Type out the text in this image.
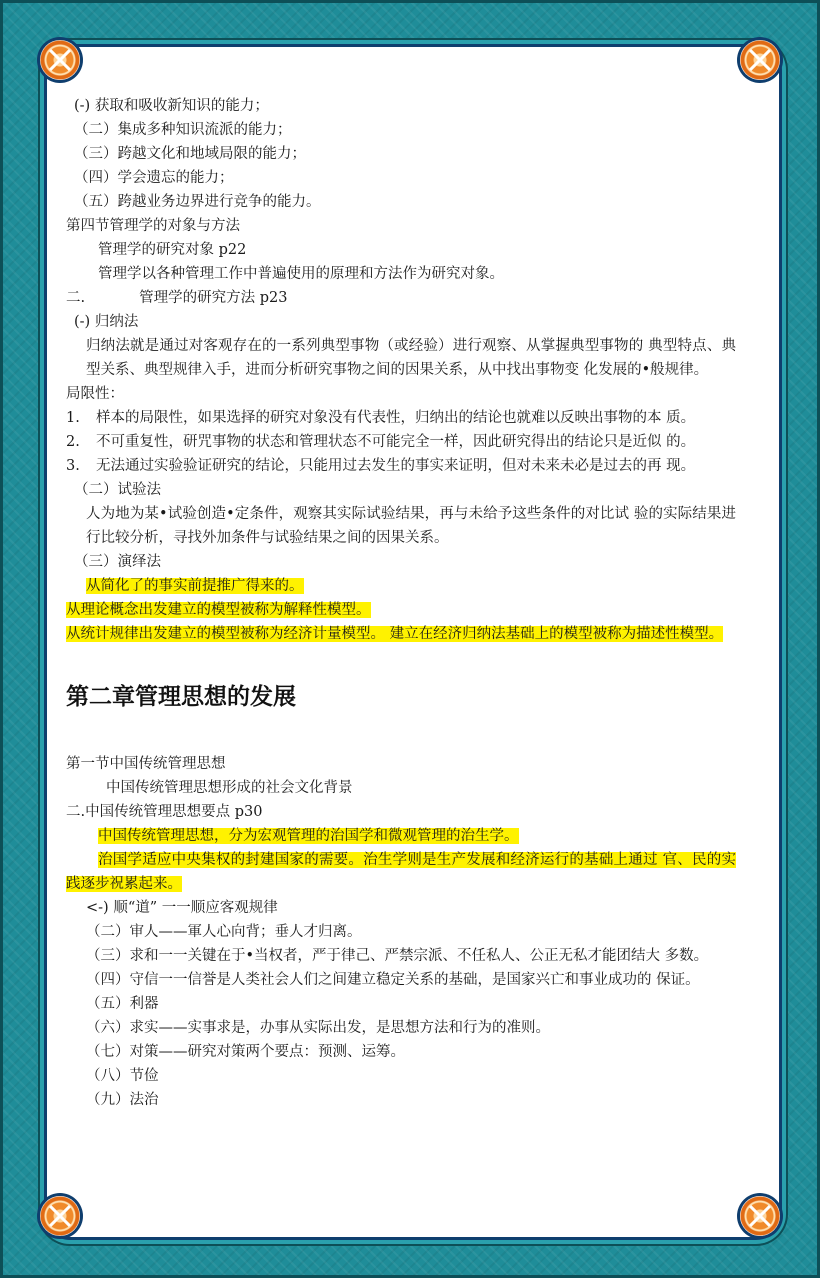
(-) 获取和吸收新知识的能力；
（二）集成多种知识流派的能力；
（三）跨越文化和地域局限的能力；
（四）学会遗忘的能力；
（五）跨越业务边界进行竞争的能力。
第四节管理学的对象与方法
管理学的研究对象 p22
管理学以各种管理工作中普遍使用的原理和方法作为研究对象。
二.	管理学的研究方法 p23
(-) 归纳法
归纳法就是通过对客观存在的一系列典型事物（或经验）进行观察、从掌握典型事物的 典型特点、典型关系、典型规律入手，进而分析研究事物之间的因果关系，从中找出事物变 化发展的•般规律。
局限性：
1. 样本的局限性，如果选择的研究对象没有代表性，归纳出的结论也就难以反映出事物的本 质。
2. 不可重复性，研咒事物的状态和管理状态不可能完全一样，因此研究得出的结论只是近似 的。
3. 无法通过实验验证研究的结论，只能用过去发生的事实来证明，但对未来未必是过去的再 现。
（二）试验法
人为地为某•试验创造•定条件，观察其实际试验结果，再与未给予这些条件的对比试 验的实际结果进行比较分析，寻找外加条件与试验结果之间的因果关系。
（三）演绎法
从简化了的事实前提推广得来的。
从理论概念出发建立的模型被称为解释性模型。
从统计规律出发建立的模型被称为经济计量模型。 建立在经济归纳法基础上的模型被称为描述性模型。
第二章管理思想的发展
第一节中国传统管理思想
中国传统管理思想形成的社会文化背景
二.中国传统管理思想要点 p30
中国传统管理思想，分为宏观管理的治国学和微观管理的治生学。
治国学适应中央集权的封建国家的需要。治生学则是生产发展和经济运行的基础上通过 官、民的实践逐步祝累起来。
<-) 顺“道” 一一顺应客观规律
（二）审人——軍人心向背；垂人才归离。
（三）求和一一关键在于•当权者，严于律己、严禁宗派、不任私人、公正无私才能团结大 多数。
（四）守信一一信誉是人类社会人们之间建立稳定关系的基础，是国家兴亡和事业成功的 保证。
（五）利器
（六）求实——实事求是，办事从实际出发，是思想方法和行为的准则。
（七）对策——研究对策两个要点：预测、运筹。
（八）节俭
（九）法治
